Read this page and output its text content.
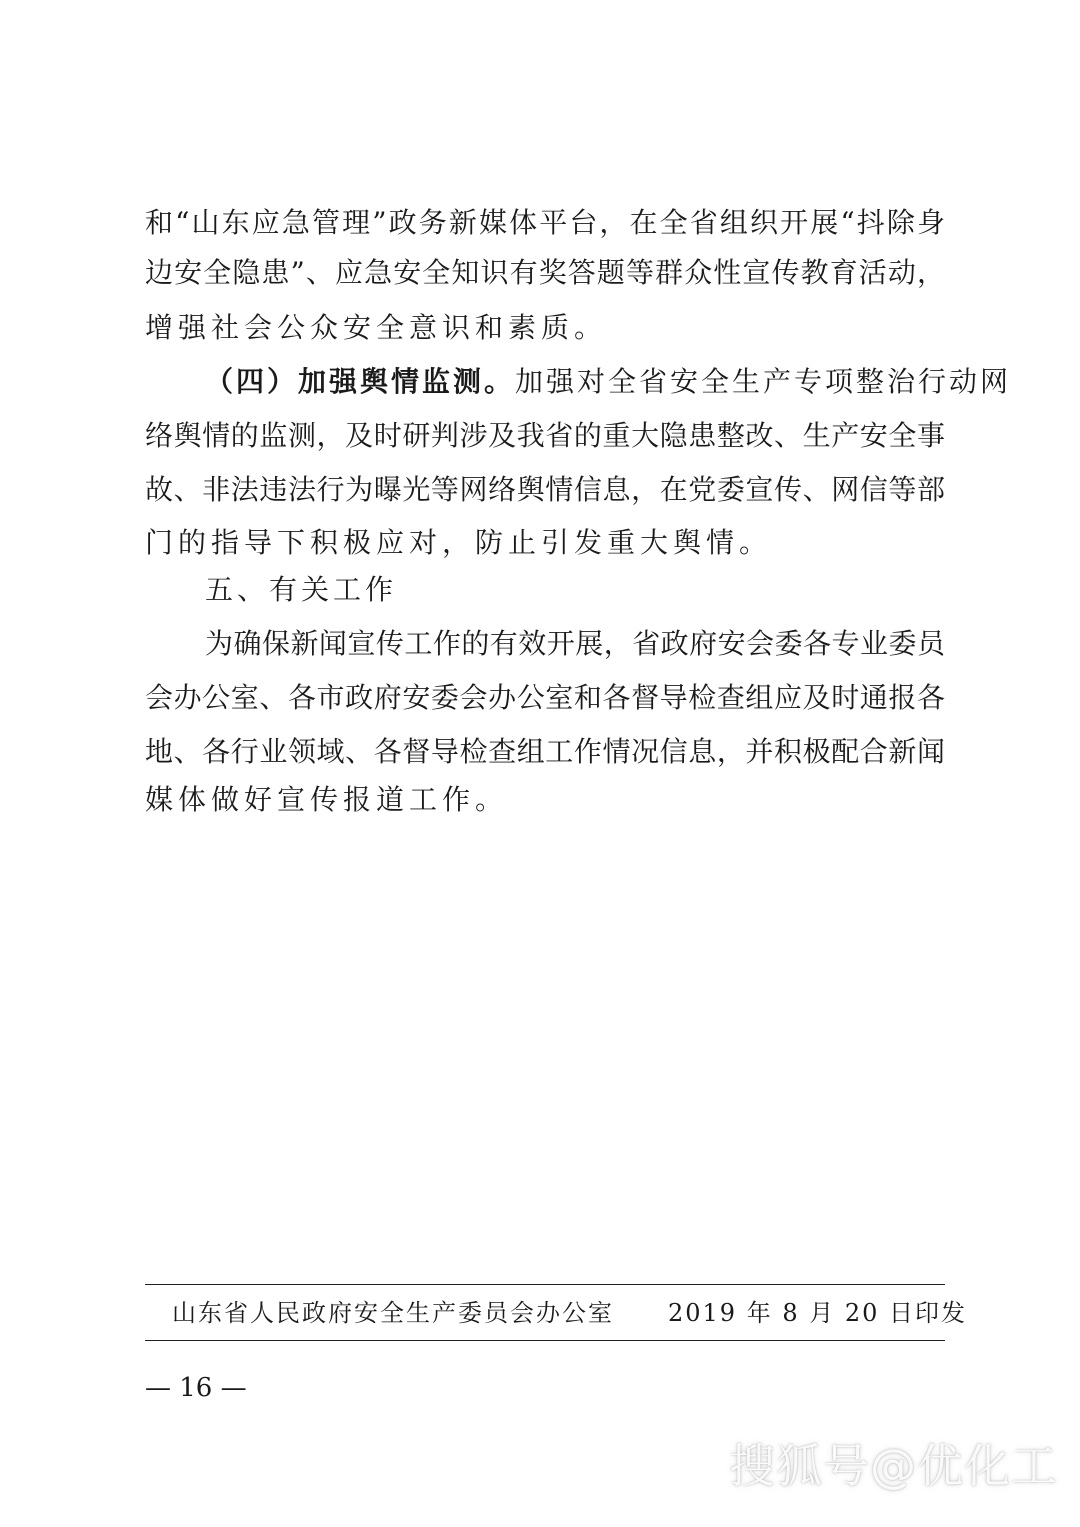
和“山东应急管理”政务新媒体平台，在全省组织开展“抖除身
边安全隐患”、应急安全知识有奖答题等群众性宣传教育活动，
增强社会公众安全意识和素质。
（四）加强舆情监测。加强对全省安全生产专项整治行动网
络舆情的监测，及时研判涉及我省的重大隐患整改、生产安全事
故、非法违法行为曝光等网络舆情信息，在党委宣传、网信等部
门的指导下积极应对，防止引发重大舆情。
五、有关工作
为确保新闻宣传工作的有效开展，省政府安会委各专业委员
会办公室、各市政府安委会办公室和各督导检查组应及时通报各
地、各行业领域、各督导检查组工作情况信息，并积极配合新闻
媒体做好宣传报道工作。
山东省人民政府安全生产委员会办公室 2019 年 8 月 20 日印发
— 16 —
搜狐号@优化工
